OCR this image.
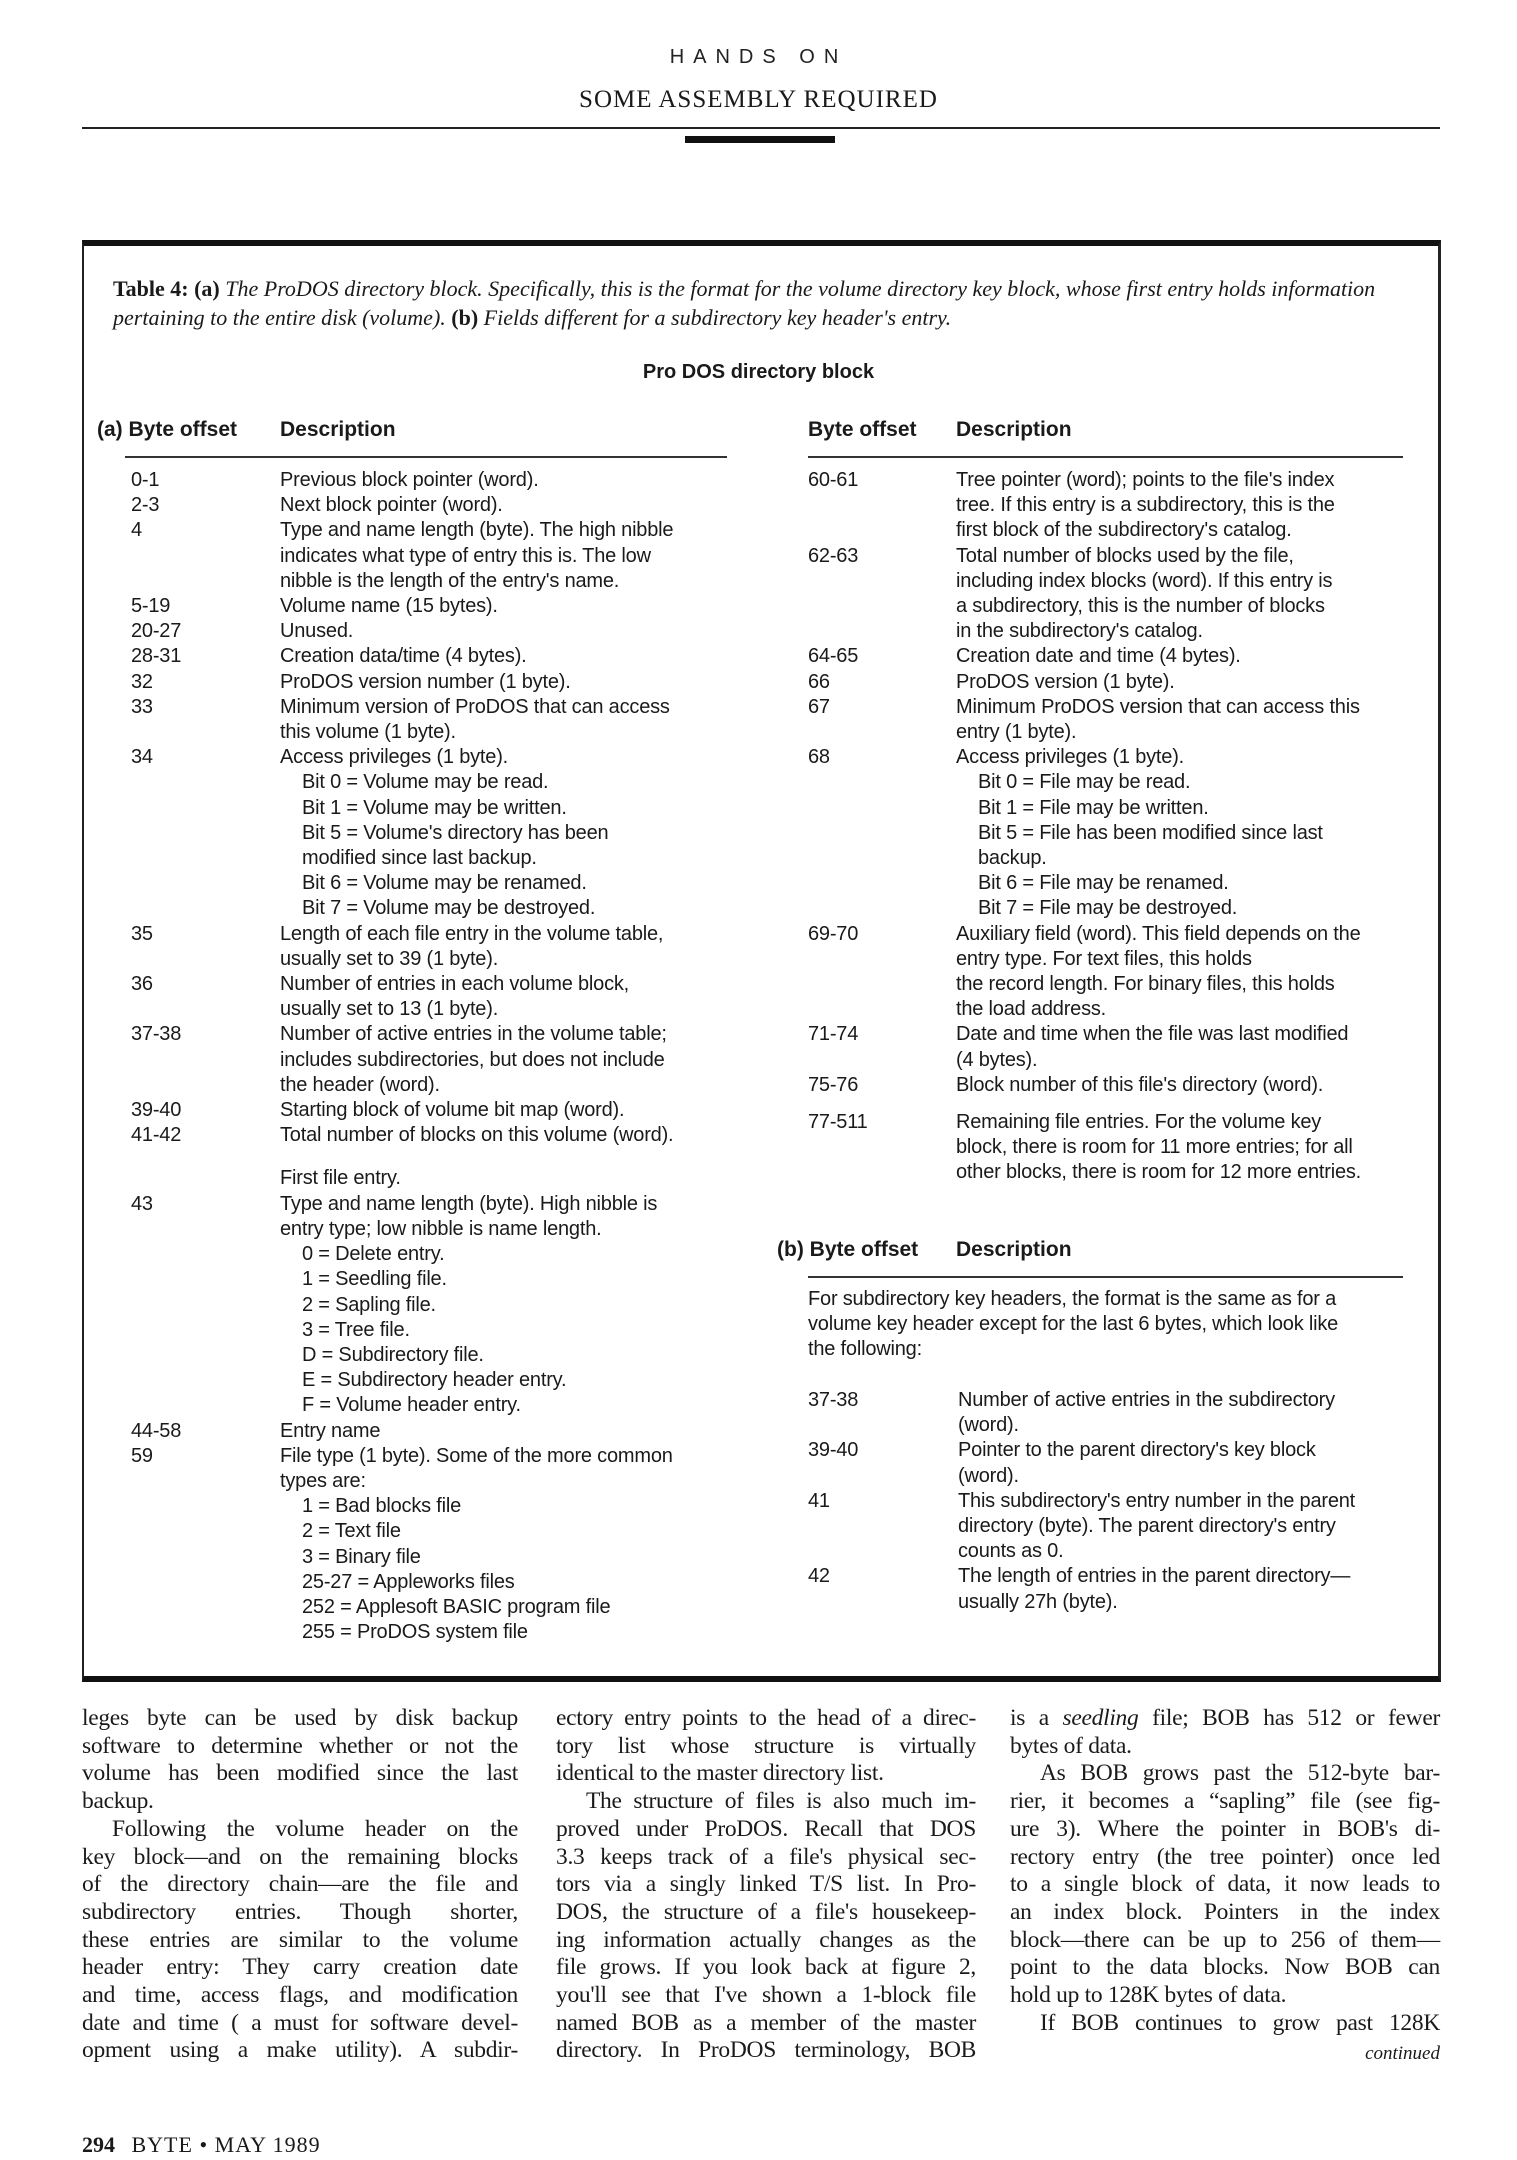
HANDS ON
SOME ASSEMBLY REQUIRED
Table 4: (a) The ProDOS directory block. Specifically, this is the format for the volume directory key block, whose first entry holds information pertaining to the entire disk (volume). (b) Fields different for a subdirectory key header's entry.
Pro DOS directory block
(a) Byte offset Description	Byte offset Description
0-1	Previous block pointer (word).
2-3	Next block pointer (word).
4	Type and name length (byte). The high nibble
indicates what type of entry this is. The low
nibble is the length of the entry's name.
5-19	Volume name (15 bytes).
20-27	Unused.
28-31	Creation data/time (4 bytes).
32	ProDOS version number (1 byte).
33	Minimum version of ProDOS that can access
this volume (1 byte).
34	Access privileges (1 byte).
Bit 0 = Volume may be read.
Bit 1 = Volume may be written.
Bit 5 = Volume's directory has been
modified since last backup.
Bit 6 = Volume may be renamed.
Bit 7 = Volume may be destroyed.
35	Length of each file entry in the volume table,
usually set to 39 (1 byte).
36	Number of entries in each volume block,
usually set to 13 (1 byte).
37-38	Number of active entries in the volume table;
includes subdirectories, but does not include
the header (word).
39-40	Starting block of volume bit map (word).
41-42	Total number of blocks on this volume (word).
First file entry.
43	Type and name length (byte). High nibble is
entry type; low nibble is name length.
0 = Delete entry.
1 = Seedling file.
2 = Sapling file.
3 = Tree file.
D = Subdirectory file.
E = Subdirectory header entry.
F = Volume header entry.
44-58	Entry name
59	File type (1 byte). Some of the more common
types are:
1 = Bad blocks file
2 = Text file
3 = Binary file
25-27 = Appleworks files
252 = Applesoft BASIC program file
255 = ProDOS system file
60-61	Tree pointer (word); points to the file's index
tree. If this entry is a subdirectory, this is the
first block of the subdirectory's catalog.
62-63	Total number of blocks used by the file,
including index blocks (word). If this entry is
a subdirectory, this is the number of blocks
in the subdirectory's catalog.
64-65	Creation date and time (4 bytes).
66	ProDOS version (1 byte).
67	Minimum ProDOS version that can access this
entry (1 byte).
68	Access privileges (1 byte).
Bit 0 = File may be read.
Bit 1 = File may be written.
Bit 5 = File has been modified since last
backup.
Bit 6 = File may be renamed.
Bit 7 = File may be destroyed.
69-70	Auxiliary field (word). This field depends on the
entry type. For text files, this holds
the record length. For binary files, this holds
the load address.
71-74	Date and time when the file was last modified
(4 bytes).
75-76	Block number of this file's directory (word).
77-511	Remaining file entries. For the volume key
block, there is room for 11 more entries; for all
other blocks, there is room for 12 more entries.
(b) Byte offset Description
For subdirectory key headers, the format is the same as for a
volume key header except for the last 6 bytes, which look like
the following:
37-38	Number of active entries in the subdirectory
(word).
39-40	Pointer to the parent directory's key block
(word).
41	This subdirectory's entry number in the parent
directory (byte). The parent directory's entry
counts as 0.
42	The length of entries in the parent directory—
usually 27h (byte).
leges byte can be used by disk backup
software to determine whether or not the
volume has been modified since the last
backup.
Following the volume header on the
key block—and on the remaining blocks
of the directory chain—are the file and
subdirectory entries. Though shorter,
these entries are similar to the volume
header entry: They carry creation date
and time, access flags, and modification
date and time ( a must for software devel-
opment using a make utility). A subdir-
ectory entry points to the head of a direc-
tory list whose structure is virtually
identical to the master directory list.
The structure of files is also much im-
proved under ProDOS. Recall that DOS
3.3 keeps track of a file's physical sec-
tors via a singly linked T/S list. In Pro-
DOS, the structure of a file's housekeep-
ing information actually changes as the
file grows. If you look back at figure 2,
you'll see that I've shown a 1-block file
named BOB as a member of the master
directory. In ProDOS terminology, BOB
is a seedling file; BOB has 512 or fewer
bytes of data.
As BOB grows past the 512-byte bar-
rier, it becomes a “sapling” file (see fig-
ure 3). Where the pointer in BOB's di-
rectory entry (the tree pointer) once led
to a single block of data, it now leads to
an index block. Pointers in the index
block—there can be up to 256 of them—
point to the data blocks. Now BOB can
hold up to 128K bytes of data.
If BOB continues to grow past 128K
continued
294 BYTE • MAY 1989
